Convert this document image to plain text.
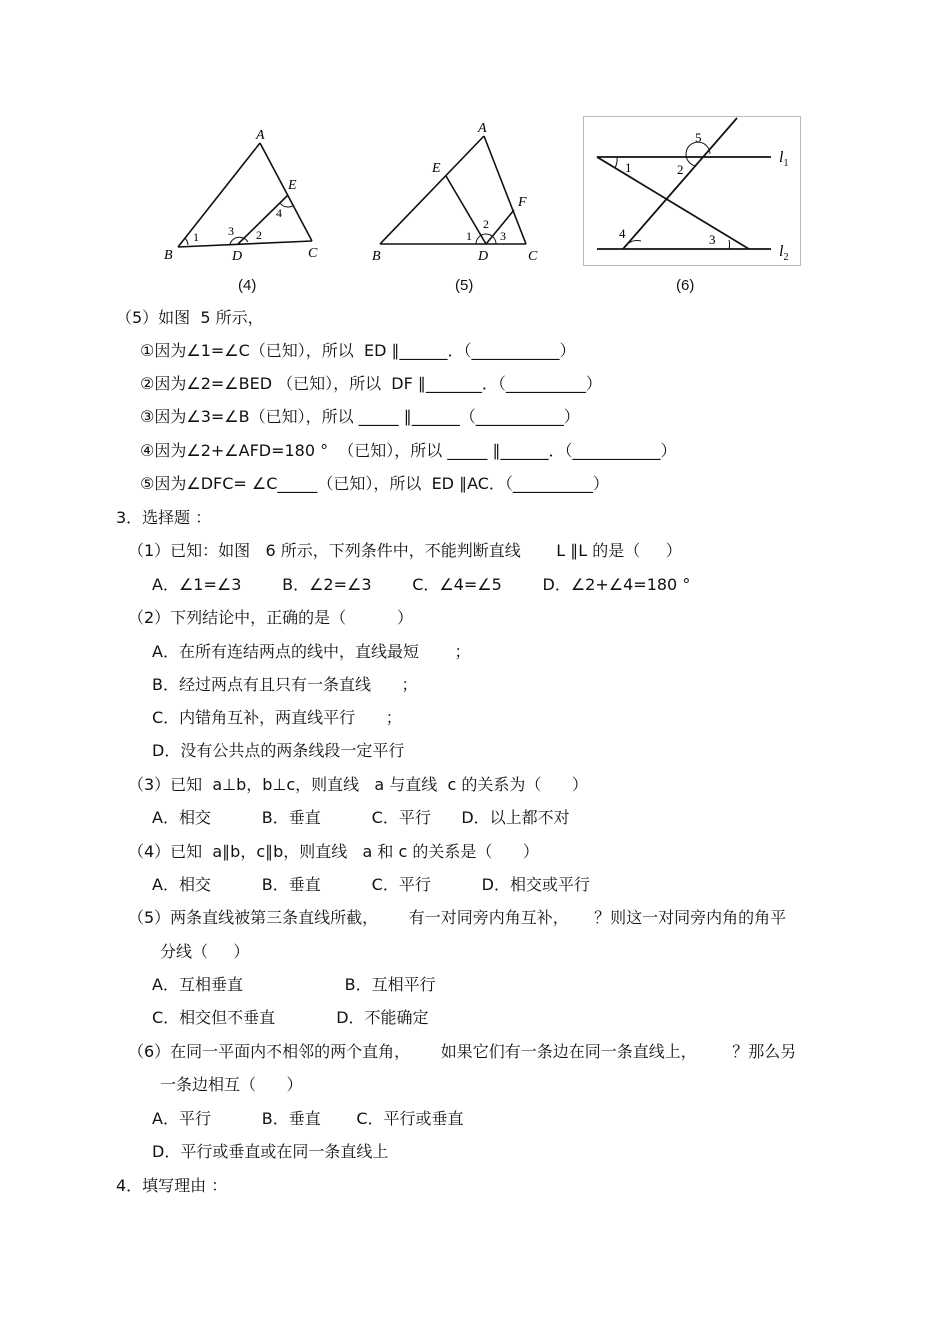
A
B	C
D
E
1	2
3
4
A
B	C
D
E
F
1
2
3
1	2
3
4
5
$l_1$
$l_2$
(4)	(5)	(6)
（5）如图  5 所示，
①因为∠1=∠C（已知），所以  ED ∥______．（___________）
②因为∠2=∠BED （已知），所以  DF ∥_______．（__________）
③因为∠3=∠B（已知），所以 _____ ∥______（___________）
④因为∠2+∠AFD=180 °  （已知），所以 _____ ∥______．（___________）
⑤因为∠DFC= ∠C_____（已知），所以  ED ∥AC．（__________）
3．选择题 ：
（1）已知：如图   6 所示，下列条件中，不能判断直线       L ∥L 的是（     ）
A．∠1=∠3        B．∠2=∠3        C．∠4=∠5        D．∠2+∠4=180 °
（2）下列结论中，正确的是（          ）
A．在所有连结两点的线中，直线最短       ；
B．经过两点有且只有一条直线      ；
C．内错角互补，两直线平行      ；
D．没有公共点的两条线段一定平行
（3）已知  a⊥b，b⊥c，则直线   a 与直线  c 的关系为（      ）
A．相交          B．垂直          C．平行      D．以上都不对
（4）已知  a∥b，c∥b，则直线   a 和 c 的关系是（      ）
A．相交          B．垂直          C．平行          D．相交或平行
（5）两条直线被第三条直线所截，      有一对同旁内角互补，     ？则这一对同旁内角的角平
分线（     ）
A．互相垂直                    B．互相平行
C．相交但不垂直            D．不能确定
（6）在同一平面内不相邻的两个直角，      如果它们有一条边在同一条直线上，       ？那么另
一条边相互（      ）
A．平行          B．垂直       C．平行或垂直
D．平行或垂直或在同一条直线上
4．填写理由 ：
